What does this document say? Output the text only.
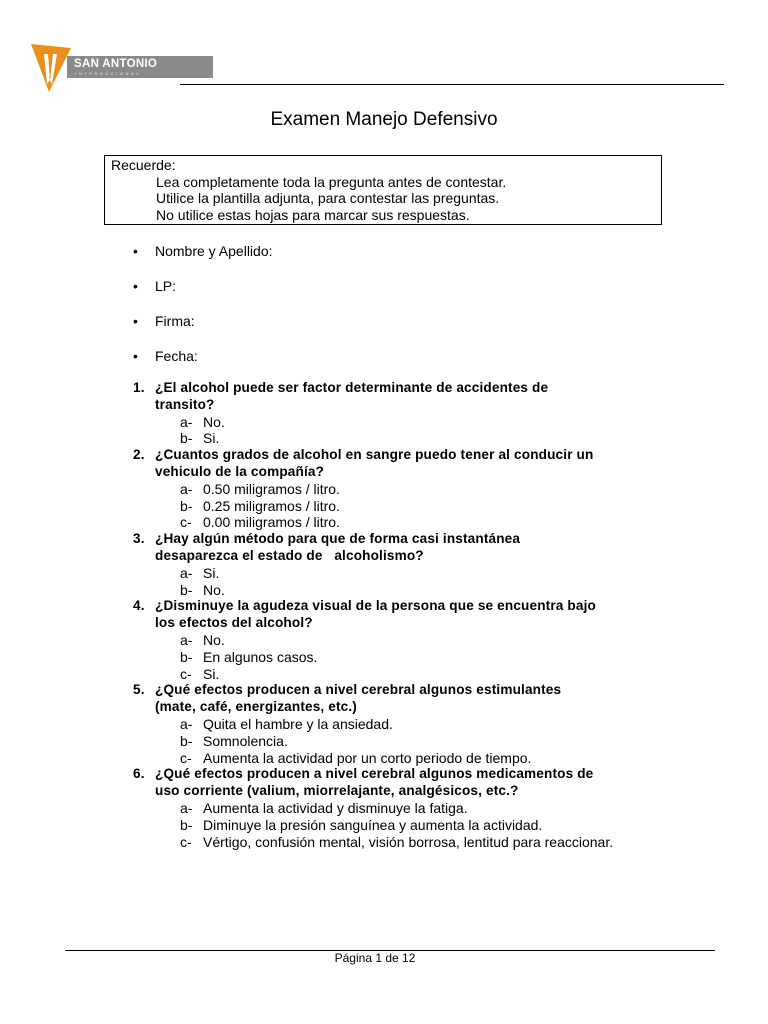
SAN ANTONIO
INTERNACIONAL
Examen Manejo Defensivo
Recuerde:
Lea completamente toda la pregunta antes de contestar.
Utilice la plantilla adjunta, para contestar las preguntas.
No utilice estas hojas para marcar sus respuestas.
• Nombre y Apellido:
• LP:
• Firma:
• Fecha:
1. ¿El alcohol puede ser factor determinante de accidentes de
transito?
a- No.
b- Si.
2. ¿Cuantos grados de alcohol en sangre puedo tener al conducir un
vehiculo de la compañía?
a- 0.50 miligramos / litro.
b- 0.25 miligramos / litro.
c- 0.00 miligramos / litro.
3. ¿Hay algún método para que de forma casi instantánea
desaparezca el estado de   alcoholismo?
a- Si.
b- No.
4. ¿Disminuye la agudeza visual de la persona que se encuentra bajo
los efectos del alcohol?
a- No.
b- En algunos casos.
c- Si.
5. ¿Qué efectos producen a nivel cerebral algunos estimulantes
(mate, café, energizantes, etc.)
a- Quita el hambre y la ansiedad.
b- Somnolencia.
c- Aumenta la actividad por un corto periodo de tiempo.
6. ¿Qué efectos producen a nivel cerebral algunos medicamentos de
uso corriente (valium, miorrelajante, analgésicos, etc.?
a- Aumenta la actividad y disminuye la fatiga.
b- Diminuye la presión sanguínea y aumenta la actividad.
c- Vértigo, confusión mental, visión borrosa, lentitud para reaccionar.
Página 1 de 12
